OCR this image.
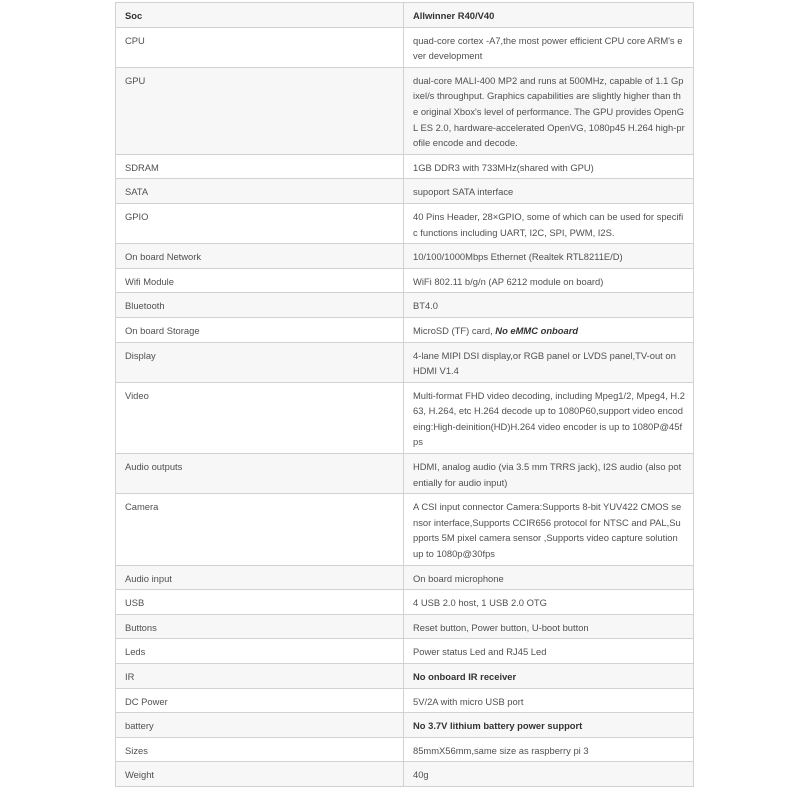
Soc	Allwinner R40/V40
CPU	quad-core cortex -A7,the most power efficient CPU core ARM's ever development
GPU	dual-core MALI-400 MP2 and runs at 500MHz, capable of 1.1 Gpixel/s throughput. Graphics capabilities are slightly higher than the original Xbox's level of performance. The GPU provides OpenGL ES 2.0, hardware-accelerated OpenVG, 1080p45 H.264 high-profile encode and decode.
SDRAM	1GB DDR3 with 733MHz(shared with GPU)
SATA	supoport SATA interface
GPIO	40 Pins Header, 28×GPIO, some of which can be used for specific functions including UART, I2C, SPI, PWM, I2S.
On board Network	10/100/1000Mbps Ethernet (Realtek RTL8211E/D)
Wifi Module	WiFi 802.11 b/g/n (AP 6212 module on board)
Bluetooth	BT4.0
On board Storage	MicroSD (TF) card, No eMMC onboard
Display	4-lane MIPI DSI display,or RGB panel or LVDS panel,TV-out on HDMI V1.4
Video	Multi-format FHD video decoding, including Mpeg1/2, Mpeg4, H.263, H.264, etc H.264 decode up to 1080P60,support video encodeing:High-deinition(HD)H.264 video encoder is up to 1080P@45fps
Audio outputs	HDMI, analog audio (via 3.5 mm TRRS jack), I2S audio (also potentially for audio input)
Camera	A CSI input connector Camera:Supports 8-bit YUV422 CMOS sensor interface,Supports CCIR656 protocol for NTSC and PAL,Supports 5M pixel camera sensor ,Supports video capture solution up to 1080p@30fps
Audio input	On board microphone
USB	4 USB 2.0 host, 1 USB 2.0 OTG
Buttons	Reset button, Power button, U-boot button
Leds	Power status Led and RJ45 Led
IR	No onboard IR receiver
DC Power	5V/2A with micro USB port
battery	No 3.7V lithium battery power support
Sizes	85mmX56mm,same size as raspberry pi 3
Weight	40g
